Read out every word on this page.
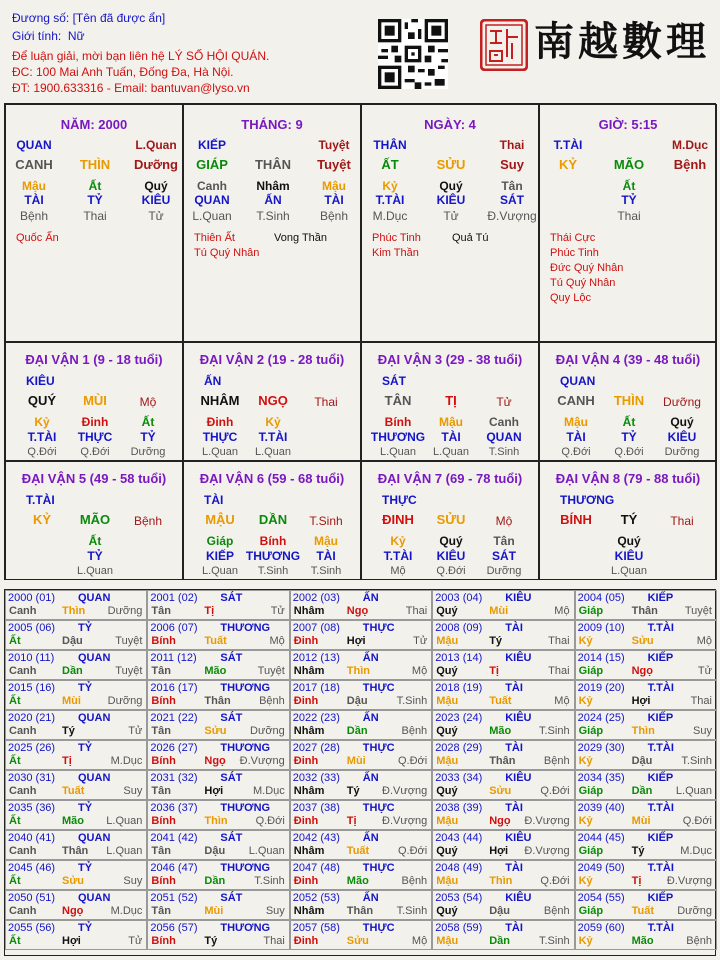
Đương số: [Tên đã được ẩn]
Giới tính: Nữ
Để luận giải, mời bạn liên hệ LÝ SỐ HỘI QUÁN.
ĐC: 100 Mai Anh Tuấn, Đống Đa, Hà Nội.
ĐT: 1900.633316 - Email: bantuvan@lyso.vn
南越數理
NĂM: 2000
QUAN	L.Quan
CANH THÌN Dưỡng
Mậu	Ất	Quý
TÀI	TỶ	KIÊU
Bệnh	Thai	Tử
Quốc Ấn
THÁNG: 9
KIẾP	Tuyệt
GIÁP THÂN Tuyệt
Canh Nhâm	Mậu
QUAN	ẤN	TÀI
L.Quan T.Sinh	Bệnh
Thiên Ất
Tú Quý Nhân
Vong Thần
NGÀY: 4
THÂN	Thai
ẤT	SỬU	Suy
Kỷ	Quý	Tân
T.TÀI	KIÊU	SÁT
M.Dục	Tử Đ.Vượng
Phúc Tinh
Kim Thần
Quả Tú
GIỜ: 5:15
T.TÀI	M.Dục
KỶ	MÃO Bệnh
Ất
TỶ
Thai
Thái Cực
Phúc Tinh
Đức Quý Nhân
Tú Quý Nhân
Quy Lộc
ĐẠI VẬN 1 (9 - 18 tuổi)
KIÊU
QUÝ MÙI	Mộ
Kỷ	Đinh	Ất
T.TÀI THỰC TỶ
Q.Đới Q.Đới Dưỡng
ĐẠI VẬN 2 (19 - 28 tuổi)
ẤN
NHÂM NGỌ Thai
Đinh	Kỷ
THỰC T.TÀI
L.Quan L.Quan
ĐẠI VẬN 3 (29 - 38 tuổi)
SÁT
TÂN	TỊ	Tử
Bính Mậu Canh
THƯƠNG TÀI QUAN
L.Quan L.Quan T.Sinh
ĐẠI VẬN 4 (39 - 48 tuổi)
QUAN
CANH THÌN Dưỡng
Mậu	Ất	Quý
TÀI	TỶ	KIÊU
Q.Đới Q.Đới Dưỡng
ĐẠI VẬN 5 (49 - 58 tuổi)
T.TÀI
KỶ MÃO Bệnh
Ất
TỶ
L.Quan
ĐẠI VẬN 6 (59 - 68 tuổi)
TÀI
MẬU DẦN T.Sinh
Giáp Bính Mậu
KIẾP THƯƠNG TÀI
L.Quan T.Sinh T.Sinh
ĐẠI VẬN 7 (69 - 78 tuổi)
THỰC
ĐINH SỬU	Mộ
Kỷ	Quý	Tân
T.TÀI KIÊU SÁT
Mộ	Q.Đới Dưỡng
ĐẠI VẬN 8 (79 - 88 tuổi)
THƯƠNG
BÍNH TÝ	Thai
Quý
KIÊU
L.Quan
2000 (01) QUAN
Canh Thìn Dưỡng
2001 (02) SÁT
Tân	Tị	Tử
2002 (03) ẤN
Nhâm Ngọ	Thai
2003 (04) KIÊU
Quý	Mùi	Mộ
2004 (05) KIẾP
Giáp	Thân Tuyệt
2005 (06) TỶ
Ất	Dậu	Tuyệt
2006 (07) THƯƠNG
Bính	Tuất	Mộ
2007 (08) THỰC
Đinh	Hợi	Tử
2008 (09) TÀI
Mậu	Tý	Thai
2009 (10) T.TÀI
Kỷ	Sửu	Mộ
2010 (11) QUAN
Canh Dần	Tuyệt
2011 (12) SÁT
Tân	Mão	Tuyệt
2012 (13) ẤN
Nhâm Thìn	Mộ
2013 (14) KIÊU
Quý	Tị	Thai
2014 (15) KIẾP
Giáp	Ngọ	Tử
2015 (16) TỶ
Ất	Mùi Dưỡng
2016 (17) THƯƠNG
Bính	Thân	Bệnh
2017 (18) THỰC
Đinh	Dậu	T.Sinh
2018 (19) TÀI
Mậu	Tuất	Mộ
2019 (20) T.TÀI
Kỷ	Hợi	Thai
2020 (21) QUAN
Canh Tý	Tử
2021 (22) SÁT
Tân	Sửu Dưỡng
2022 (23) ẤN
Nhâm Dần	Bệnh
2023 (24) KIÊU
Quý	Mão	T.Sinh
2024 (25) KIẾP
Giáp	Thìn	Suy
2025 (26) TỶ
Ất	Tị	M.Dục
2026 (27) THƯƠNG
Bính	Ngọ Đ.Vượng
2027 (28) THỰC
Đinh	Mùi	Q.Đới
2028 (29) TÀI
Mậu	Thân	Bệnh
2029 (30) T.TÀI
Kỷ	Dậu	T.Sinh
2030 (31) QUAN
Canh Tuất	Suy
2031 (32) SÁT
Tân	Hợi	M.Dục
2032 (33) ẤN
Nhâm Tý Đ.Vượng
2033 (34) KIÊU
Quý	Sửu	Q.Đới
2034 (35) KIẾP
Giáp	Dần L.Quan
2035 (36) TỶ
Ất	Mão L.Quan
2036 (37) THƯƠNG
Bính	Thìn	Q.Đới
2037 (38) THỰC
Đinh	Tị Đ.Vượng
2038 (39) TÀI
Mậu	Ngọ Đ.Vượng
2039 (40) T.TÀI
Kỷ	Mùi	Q.Đới
2040 (41) QUAN
Canh Thân L.Quan
2041 (42) SÁT
Tân	Dậu L.Quan
2042 (43) ẤN
Nhâm Tuất	Q.Đới
2043 (44) KIÊU
Quý	Hợi Đ.Vượng
2044 (45) KIẾP
Giáp	Tý	M.Dục
2045 (46) TỶ
Ất	Sửu	Suy
2046 (47) THƯƠNG
Bính	Dần	T.Sinh
2047 (48) THỰC
Đinh	Mão	Bệnh
2048 (49) TÀI
Mậu	Thìn	Q.Đới
2049 (50) T.TÀI
Kỷ	Tị Đ.Vượng
2050 (51) QUAN
Canh Ngọ M.Dục
2051 (52) SÁT
Tân	Mùi	Suy
2052 (53) ẤN
Nhâm Thân T.Sinh
2053 (54) KIÊU
Quý	Dậu	Bệnh
2054 (55) KIẾP
Giáp	Tuất Dưỡng
2055 (56) TỶ
Ất	Hợi	Tử
2056 (57) THƯƠNG
Bính	Tý	Thai
2057 (58) THỰC
Đinh	Sửu	Mộ
2058 (59) TÀI
Mậu	Dần	T.Sinh
2059 (60) T.TÀI
Kỷ	Mão	Bệnh
